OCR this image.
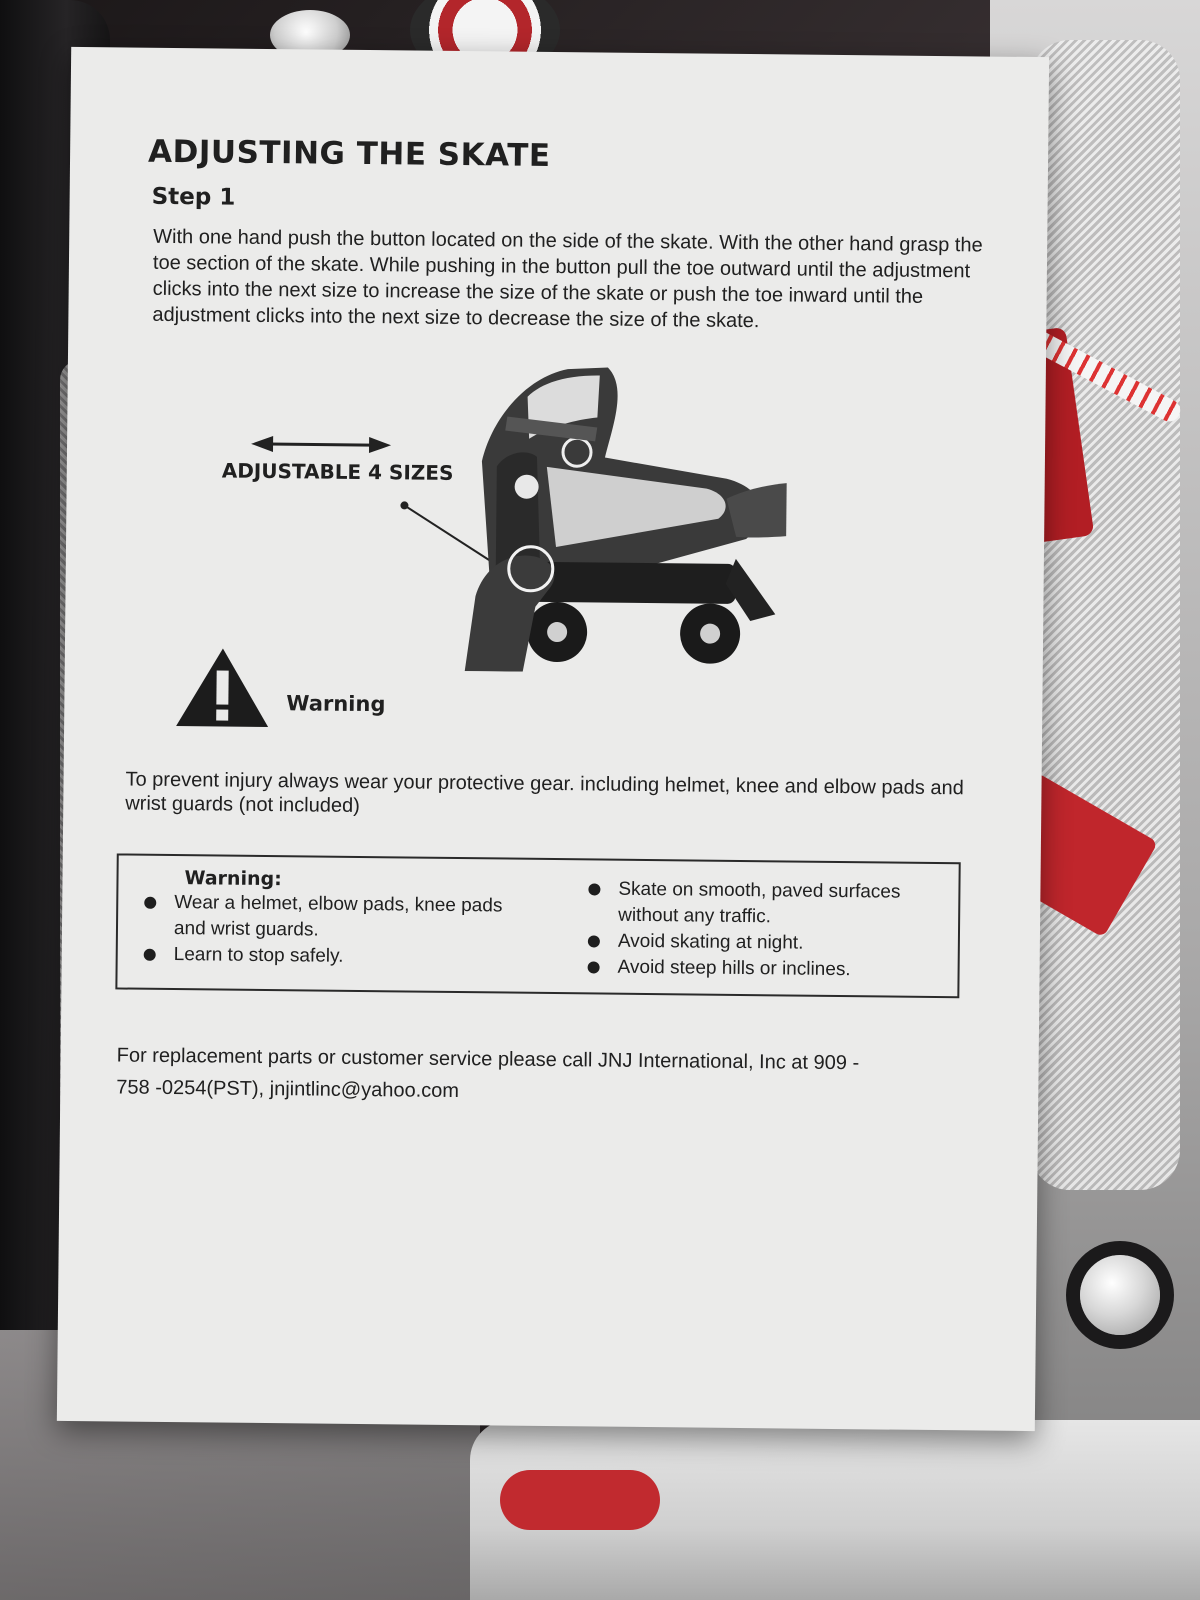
ADJUSTING THE SKATE
Step 1

With one hand push the button located on the side of the skate. With the other hand grasp the toe section of the skate. While pushing in the button pull the toe outward until the adjustment clicks into the next size to increase the size of the skate or push the toe inward until the adjustment clicks into the next size to decrease the size of the skate.

ADJUSTABLE 4 SIZES
Warning

To prevent injury always wear your protective gear. including helmet, knee and elbow pads and wrist guards (not included)

Warning:
Wear a helmet, elbow pads, knee pads and wrist guards.
Learn to stop safely.
Skate on smooth, paved surfaces without any traffic.
Avoid skating at night.
Avoid steep hills or inclines.

For replacement parts or customer service please call JNJ International, Inc at 909 - 758 -0254(PST), jnjintlinc@yahoo.com
